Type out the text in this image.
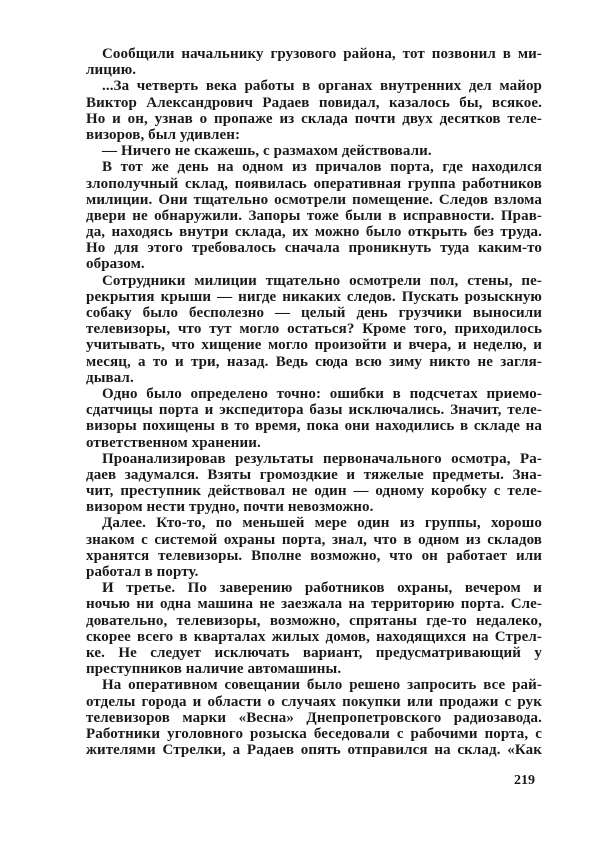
Сообщили начальнику грузового района, тот позвонил в ми-
лицию.
...За четверть века работы в органах внутренних дел майор
Виктор Александрович Радаев повидал, казалось бы, всякое.
Но и он, узнав о пропаже из склада почти двух десятков теле-
визоров, был удивлен:
— Ничего не скажешь, с размахом действовали.
В тот же день на одном из причалов порта, где находился
злополучный склад, появилась оперативная группа работников
милиции. Они тщательно осмотрели помещение. Следов взлома
двери не обнаружили. Запоры тоже были в исправности. Прав-
да, находясь внутри склада, их можно было открыть без труда.
Но для этого требовалось сначала проникнуть туда каким-то
образом.
Сотрудники милиции тщательно осмотрели пол, стены, пе-
рекрытия крыши — нигде никаких следов. Пускать розыскную
собаку было бесполезно — целый день грузчики выносили
телевизоры, что тут могло остаться? Кроме того, приходилось
учитывать, что хищение могло произойти и вчера, и неделю, и
месяц, а то и три, назад. Ведь сюда всю зиму никто не загля-
дывал.
Одно было определено точно: ошибки в подсчетах приемо-
сдатчицы порта и экспедитора базы исключались. Значит, теле-
визоры похищены в то время, пока они находились в складе на
ответственном хранении.
Проанализировав результаты первоначального осмотра, Ра-
даев задумался. Взяты громоздкие и тяжелые предметы. Зна-
чит, преступник действовал не один — одному коробку с теле-
визором нести трудно, почти невозможно.
Далее. Кто-то, по меньшей мере один из группы, хорошо
знаком с системой охраны порта, знал, что в одном из складов
хранятся телевизоры. Вполне возможно, что он работает или
работал в порту.
И третье. По заверению работников охраны, вечером и
ночью ни одна машина не заезжала на территорию порта. Сле-
довательно, телевизоры, возможно, спрятаны где-то недалеко,
скорее всего в кварталах жилых домов, находящихся на Стрел-
ке. Не следует исключать вариант, предусматривающий у
преступников наличие автомашины.
На оперативном совещании было решено запросить все рай-
отделы города и области о случаях покупки или продажи с рук
телевизоров марки «Весна» Днепропетровского радиозавода.
Работники уголовного розыска беседовали с рабочими порта, с
жителями Стрелки, а Радаев опять отправился на склад. «Как
219
